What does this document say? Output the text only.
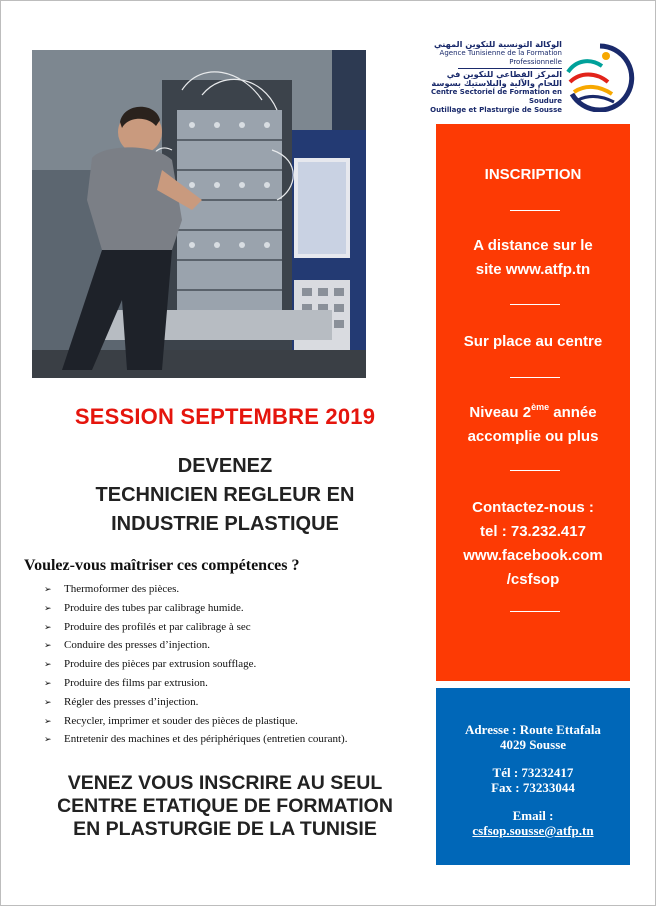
الوكالة التونسية للتكوين المهني
Agence Tunisienne de la Formation
Professionnelle
المركز القطاعي للتكوين في
اللحام والآلية والبلاستيك بسوسة
Centre Sectoriel de Formation en Soudure
Outillage et Plasturgie de Sousse
INSCRIPTION
A distance sur le
site www.atfp.tn
Sur place au centre
Niveau 2ème année
accomplie ou plus
Contactez-nous :
tel : 73.232.417
www.facebook.com
/csfsop
Adresse : Route Ettafala
4029 Sousse
Tél : 73232417
Fax : 73233044
Email :
csfsop.sousse@atfp.tn
SESSION SEPTEMBRE 2019
DEVENEZ
TECHNICIEN REGLEUR EN
INDUSTRIE PLASTIQUE
Voulez-vous maîtriser ces compétences ?
➢ Thermoformer des pièces.
➢ Produire des tubes par calibrage humide.
➢ Produire des profilés et par calibrage à sec
➢ Conduire des presses d’injection.
➢ Produire des pièces par extrusion soufflage.
➢ Produire des films par extrusion.
➢ Régler des presses d’injection.
➢ Recycler, imprimer et souder des pièces de plastique.
➢ Entretenir des machines et des périphériques (entretien courant).
VENEZ VOUS INSCRIRE AU SEUL
CENTRE ETATIQUE DE FORMATION
EN PLASTURGIE DE LA TUNISIE
